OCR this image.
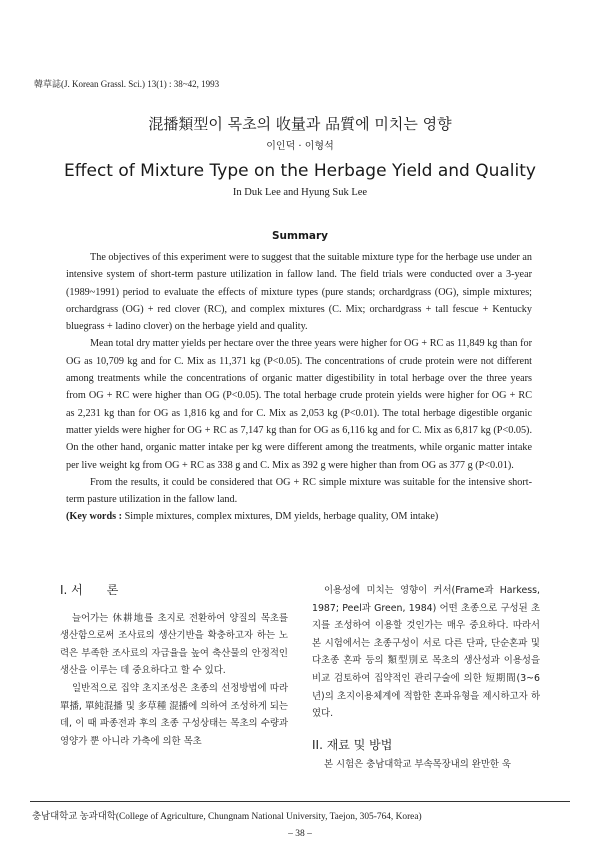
韓草誌(J. Korean Grassl. Sci.) 13(1) : 38~42, 1993
混播類型이 목초의 收量과 品質에 미치는 영향
이인덕 · 이형석
Effect of Mixture Type on the Herbage Yield and Quality
In Duk Lee and Hyung Suk Lee
Summary

The objectives of this experiment were to suggest that the suitable mixture type for the herbage use under an intensive system of short-term pasture utilization in fallow land. The field trials were conducted over a 3-year (1989~1991) period to evaluate the effects of mixture types (pure stands; orchardgrass (OG), simple mixtures; orchardgrass (OG) + red clover (RC), and complex mixtures (C. Mix; orchardgrass + tall fescue + Kentucky bluegrass + ladino clover) on the herbage yield and quality.

Mean total dry matter yields per hectare over the three years were higher for OG + RC as 11,849 kg than for OG as 10,709 kg and for C. Mix as 11,371 kg (P<0.05). The concentrations of crude protein were not different among treatments while the concentrations of organic matter digestibility in total herbage over the three years from OG + RC were higher than OG (P<0.05). The total herbage crude protein yields were higher for OG + RC as 2,231 kg than for OG as 1,816 kg and for C. Mix as 2,053 kg (P<0.01). The total herbage digestible organic matter yields were higher for OG + RC as 7,147 kg than for OG as 6,116 kg and for C. Mix as 6,817 kg (P<0.05). On the other hand, organic matter intake per kg were different among the treatments, while organic matter intake per live weight kg from OG + RC as 338 g and C. Mix as 392 g were higher than from OG as 377 g (P<0.01).

From the results, it could be considered that OG + RC simple mixture was suitable for the intensive short-term pasture utilization in the fallow land.

(Key words : Simple mixtures, complex mixtures, DM yields, herbage quality, OM intake)

I. 서　　론

늘어가는 休耕地를 초지로 전환하여 양질의 목초를 생산함으로써 조사료의 생산기반을 확충하고자 하는 노력은 부족한 조사료의 자급율을 높여 축산물의 안정적인 생산을 이루는 데 중요하다고 할 수 있다.

일반적으로 집약 초지조성은 초종의 선정방법에 따라 單播, 單純混播 및 多草種 混播에 의하여 조성하게 되는데, 이 때 파종전과 후의 초종 구성상태는 목초의 수량과 영양가 뿐 아니라 가축에 의한 목초

이용성에 미치는 영향이 커서(Frame과 Harkess, 1987; Peel과 Green, 1984) 어떤 초종으로 구성된 초지를 조성하여 이용할 것인가는 매우 중요하다. 따라서 본 시험에서는 초종구성이 서로 다른 단파, 단순혼파 및 다초종 혼파 등의 類型別로 목초의 생산성과 이용성을 비교 검토하여 집약적인 관리구술에 의한 短期間(3~6년)의 초지이용체계에 적합한 혼파유형을 제시하고자 하였다.

II. 재료 및 방법

본 시험은 충남대학교 부속목장내의 완만한 욱

충남대학교 농과대학(College of Agriculture, Chungnam National University, Taejon, 305-764, Korea)
– 38 –
